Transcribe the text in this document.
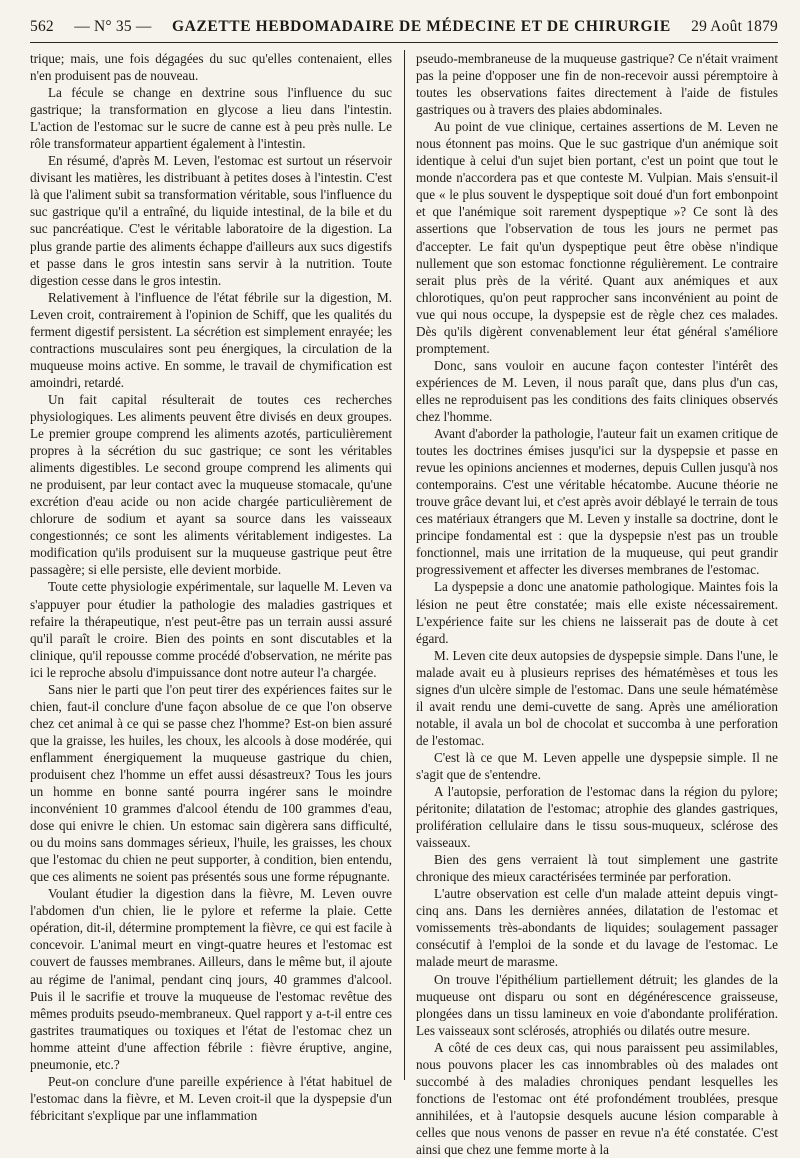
562 — N° 35 — GAZETTE HEBDOMADAIRE DE MÉDECINE ET DE CHIRURGIE 29 Août 1879

trique; mais, une fois dégagées du suc qu'elles contenaient, elles n'en produisent pas de nouveau.

La fécule se change en dextrine sous l'influence du suc gastrique; la transformation en glycose a lieu dans l'intestin. L'action de l'estomac sur le sucre de canne est à peu près nulle. Le rôle transformateur appartient également à l'intestin.

En résumé, d'après M. Leven, l'estomac est surtout un réservoir divisant les matières, les distribuant à petites doses à l'intestin. C'est là que l'aliment subit sa transformation véritable, sous l'influence du suc gastrique qu'il a entraîné, du liquide intestinal, de la bile et du suc pancréatique. C'est le véritable laboratoire de la digestion. La plus grande partie des aliments échappe d'ailleurs aux sucs digestifs et passe dans le gros intestin sans servir à la nutrition. Toute digestion cesse dans le gros intestin.

Relativement à l'influence de l'état fébrile sur la digestion, M. Leven croit, contrairement à l'opinion de Schiff, que les qualités du ferment digestif persistent. La sécrétion est simplement enrayée; les contractions musculaires sont peu énergiques, la circulation de la muqueuse moins active. En somme, le travail de chymification est amoindri, retardé.

Un fait capital résulterait de toutes ces recherches physiologiques. Les aliments peuvent être divisés en deux groupes. Le premier groupe comprend les aliments azotés, particulièrement propres à la sécrétion du suc gastrique; ce sont les véritables aliments digestibles. Le second groupe comprend les aliments qui ne produisent, par leur contact avec la muqueuse stomacale, qu'une excrétion d'eau acide ou non acide chargée particulièrement de chlorure de sodium et ayant sa source dans les vaisseaux congestionnés; ce sont les aliments véritablement indigestes. La modification qu'ils produisent sur la muqueuse gastrique peut être passagère; si elle persiste, elle devient morbide.

Toute cette physiologie expérimentale, sur laquelle M. Leven va s'appuyer pour étudier la pathologie des maladies gastriques et refaire la thérapeutique, n'est peut-être pas un terrain aussi assuré qu'il paraît le croire. Bien des points en sont discutables et la clinique, qu'il repousse comme procédé d'observation, ne mérite pas ici le reproche absolu d'impuissance dont notre auteur l'a chargée.

Sans nier le parti que l'on peut tirer des expériences faites sur le chien, faut-il conclure d'une façon absolue de ce que l'on observe chez cet animal à ce qui se passe chez l'homme? Est-on bien assuré que la graisse, les huiles, les choux, les alcools à dose modérée, qui enflamment énergiquement la muqueuse gastrique du chien, produisent chez l'homme un effet aussi désastreux? Tous les jours un homme en bonne santé pourra ingérer sans le moindre inconvénient 10 grammes d'alcool étendu de 100 grammes d'eau, dose qui enivre le chien. Un estomac sain digèrera sans difficulté, ou du moins sans dommages sérieux, l'huile, les graisses, les choux que l'estomac du chien ne peut supporter, à condition, bien entendu, que ces aliments ne soient pas présentés sous une forme répugnante.

Voulant étudier la digestion dans la fièvre, M. Leven ouvre l'abdomen d'un chien, lie le pylore et referme la plaie. Cette opération, dit-il, détermine promptement la fièvre, ce qui est facile à concevoir. L'animal meurt en vingt-quatre heures et l'estomac est couvert de fausses membranes. Ailleurs, dans le même but, il ajoute au régime de l'animal, pendant cinq jours, 40 grammes d'alcool. Puis il le sacrifie et trouve la muqueuse de l'estomac revêtue des mêmes produits pseudo-membraneux. Quel rapport y a-t-il entre ces gastrites traumatiques ou toxiques et l'état de l'estomac chez un homme atteint d'une affection fébrile : fièvre éruptive, angine, pneumonie, etc.?

Peut-on conclure d'une pareille expérience à l'état habituel de l'estomac dans la fièvre, et M. Leven croit-il que la dyspepsie d'un fébricitant s'explique par une inflammation

pseudo-membraneuse de la muqueuse gastrique? Ce n'était vraiment pas la peine d'opposer une fin de non-recevoir aussi péremptoire à toutes les observations faites directement à l'aide de fistules gastriques ou à travers des plaies abdominales.

Au point de vue clinique, certaines assertions de M. Leven ne nous étonnent pas moins. Que le suc gastrique d'un anémique soit identique à celui d'un sujet bien portant, c'est un point que tout le monde n'accordera pas et que conteste M. Vulpian. Mais s'ensuit-il que « le plus souvent le dyspeptique soit doué d'un fort embonpoint et que l'anémique soit rarement dyspeptique »? Ce sont là des assertions que l'observation de tous les jours ne permet pas d'accepter. Le fait qu'un dyspeptique peut être obèse n'indique nullement que son estomac fonctionne régulièrement. Le contraire serait plus près de la vérité. Quant aux anémiques et aux chlorotiques, qu'on peut rapprocher sans inconvénient au point de vue qui nous occupe, la dyspepsie est de règle chez ces malades. Dès qu'ils digèrent convenablement leur état général s'améliore promptement.

Donc, sans vouloir en aucune façon contester l'intérêt des expériences de M. Leven, il nous paraît que, dans plus d'un cas, elles ne reproduisent pas les conditions des faits cliniques observés chez l'homme.

Avant d'aborder la pathologie, l'auteur fait un examen critique de toutes les doctrines émises jusqu'ici sur la dyspepsie et passe en revue les opinions anciennes et modernes, depuis Cullen jusqu'à nos contemporains. C'est une véritable hécatombe. Aucune théorie ne trouve grâce devant lui, et c'est après avoir déblayé le terrain de tous ces matériaux étrangers que M. Leven y installe sa doctrine, dont le principe fondamental est : que la dyspepsie n'est pas un trouble fonctionnel, mais une irritation de la muqueuse, qui peut grandir progressivement et affecter les diverses membranes de l'estomac.

La dyspepsie a donc une anatomie pathologique. Maintes fois la lésion ne peut être constatée; mais elle existe nécessairement. L'expérience faite sur les chiens ne laisserait pas de doute à cet égard.

M. Leven cite deux autopsies de dyspepsie simple. Dans l'une, le malade avait eu à plusieurs reprises des hématémèses et tous les signes d'un ulcère simple de l'estomac. Dans une seule hématémèse il avait rendu une demi-cuvette de sang. Après une amélioration notable, il avala un bol de chocolat et succomba à une perforation de l'estomac.

C'est là ce que M. Leven appelle une dyspepsie simple. Il ne s'agit que de s'entendre.

A l'autopsie, perforation de l'estomac dans la région du pylore; péritonite; dilatation de l'estomac; atrophie des glandes gastriques, prolifération cellulaire dans le tissu sous-muqueux, sclérose des vaisseaux.

Bien des gens verraient là tout simplement une gastrite chronique des mieux caractérisées terminée par perforation.

L'autre observation est celle d'un malade atteint depuis vingt-cinq ans. Dans les dernières années, dilatation de l'estomac et vomissements très-abondants de liquides; soulagement passager consécutif à l'emploi de la sonde et du lavage de l'estomac. Le malade meurt de marasme.

On trouve l'épithélium partiellement détruit; les glandes de la muqueuse ont disparu ou sont en dégénérescence graisseuse, plongées dans un tissu lamineux en voie d'abondante prolifération. Les vaisseaux sont sclérosés, atrophiés ou dilatés outre mesure.

A côté de ces deux cas, qui nous paraissent peu assimilables, nous pouvons placer les cas innombrables où des malades ont succombé à des maladies chroniques pendant lesquelles les fonctions de l'estomac ont été profondément troublées, presque annihilées, et à l'autopsie desquels aucune lésion comparable à celles que nous venons de passer en revue n'a été constatée. C'est ainsi que chez une femme morte à la
